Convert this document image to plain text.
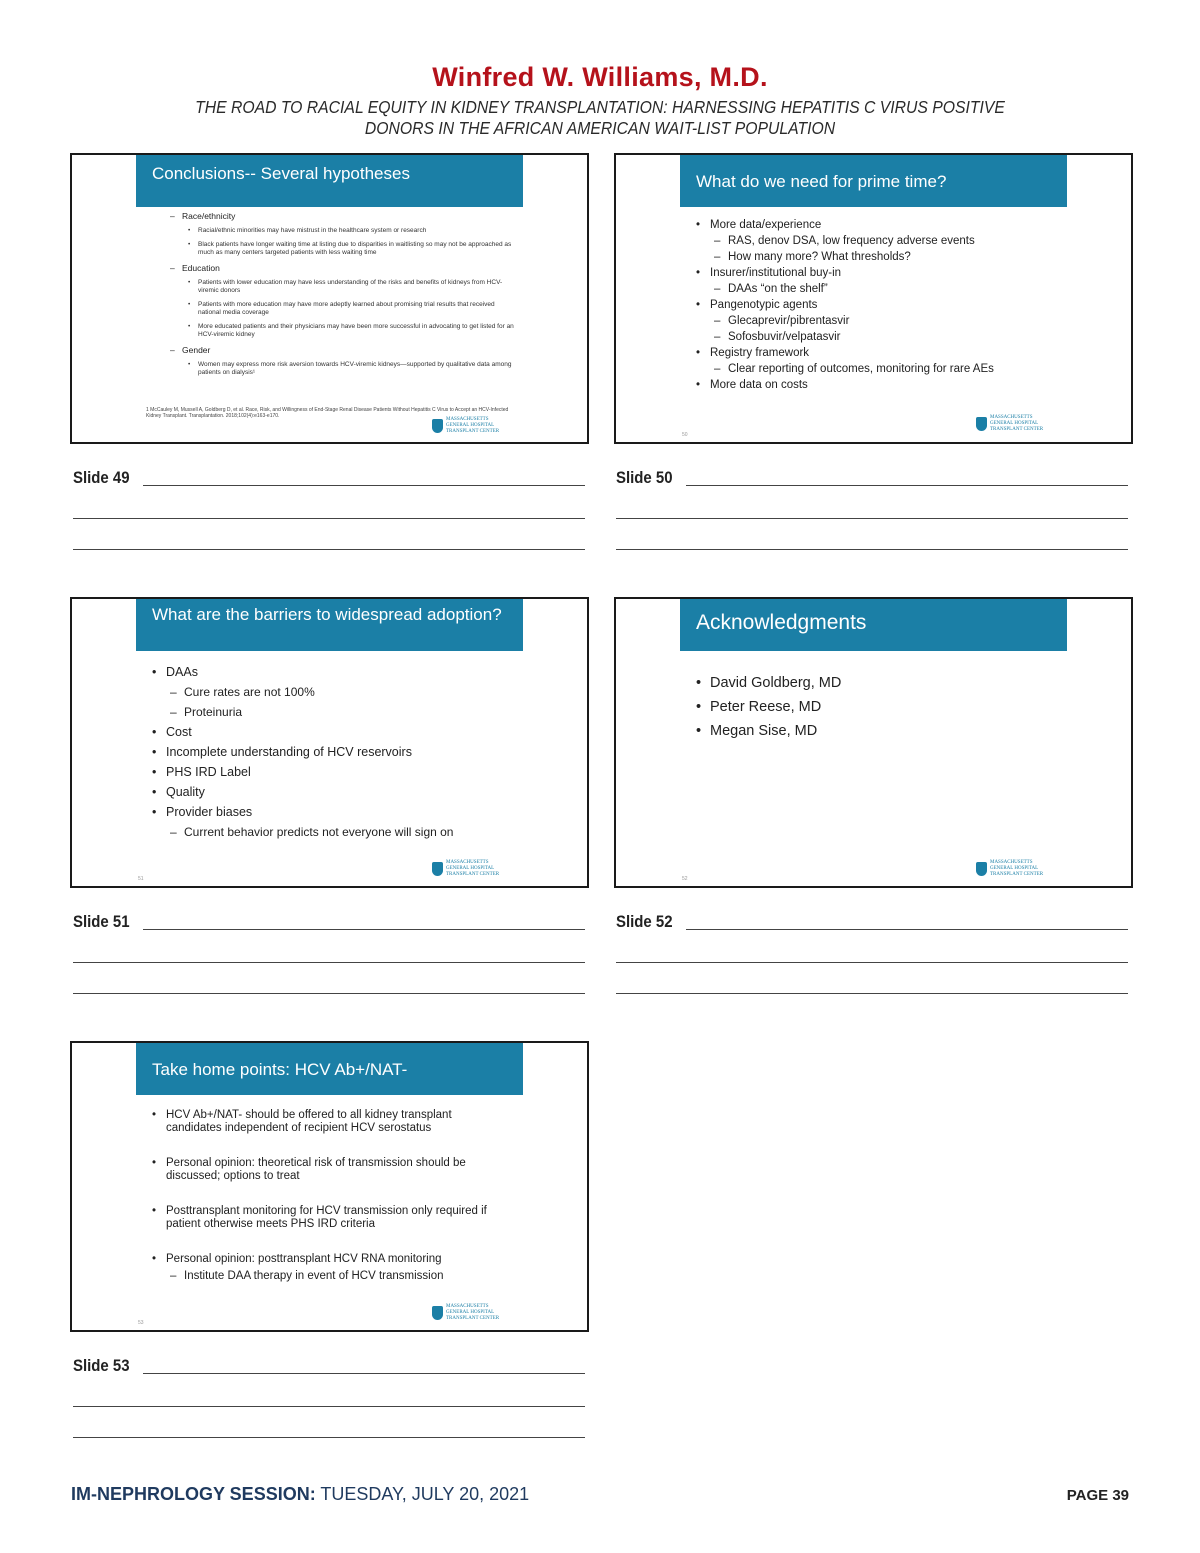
Winfred W. Williams, M.D.
THE ROAD TO RACIAL EQUITY IN KIDNEY TRANSPLANTATION: HARNESSING HEPATITIS C VIRUS POSITIVE DONORS IN THE AFRICAN AMERICAN WAIT-LIST POPULATION
Conclusions-- Several hypotheses
– Race/ethnicity
• Racial/ethnic minorities may have mistrust in the healthcare system or research
• Black patients have longer waiting time at listing due to disparities in waitlisting so may not be approached as much as many centers targeted patients with less waiting time
– Education
• Patients with lower education may have less understanding of the risks and benefits of kidneys from HCV-viremic donors
• Patients with more education may have more adeptly learned about promising trial results that received national media coverage
• More educated patients and their physicians may have been more successful in advocating to get listed for an HCV-viremic kidney
– Gender
• Women may express more risk aversion towards HCV-viremic kidneys—supported by qualitative data among patients on dialysis¹
1 McCauley M, Mussell A, Goldberg D, et al. Race, Risk, and Willingness of End-Stage Renal Disease Patients Without Hepatitis C Virus to Accept an HCV-Infected Kidney Transplant. Transplantation. 2018;102(4):e163-e170.
MASSACHUSETTS
GENERAL HOSPITAL
TRANSPLANT CENTER
What do we need for prime time?
• More data/experience
– RAS, denov DSA, low frequency adverse events
– How many more? What thresholds?
• Insurer/institutional buy-in
– DAAs “on the shelf”
• Pangenotypic agents
– Glecaprevir/pibrentasvir
– Sofosbuvir/velpatasvir
• Registry framework
– Clear reporting of outcomes, monitoring for rare AEs
• More data on costs
MASSACHUSETTS
GENERAL HOSPITAL
TRANSPLANT CENTER
50
Slide 49	Slide 50
What are the barriers to widespread adoption?
• DAAs
– Cure rates are not 100%
– Proteinuria
• Cost
• Incomplete understanding of HCV reservoirs
• PHS IRD Label
• Quality
• Provider biases
– Current behavior predicts not everyone will sign on
MASSACHUSETTS
GENERAL HOSPITAL
TRANSPLANT CENTER
51
Acknowledgments
• David Goldberg, MD
• Peter Reese, MD
• Megan Sise, MD
MASSACHUSETTS
GENERAL HOSPITAL
TRANSPLANT CENTER
52
Slide 51	Slide 52
Take home points: HCV Ab+/NAT-
• HCV Ab+/NAT- should be offered to all kidney transplant candidates independent of recipient HCV serostatus
• Personal opinion: theoretical risk of transmission should be discussed; options to treat
• Posttransplant monitoring for HCV transmission only required if patient otherwise meets PHS IRD criteria
• Personal opinion: posttransplant HCV RNA monitoring
– Institute DAA therapy in event of HCV transmission
MASSACHUSETTS
GENERAL HOSPITAL
TRANSPLANT CENTER
53
Slide 53
IM-NEPHROLOGY SESSION: TUESDAY, JULY 20, 2021	PAGE 39
